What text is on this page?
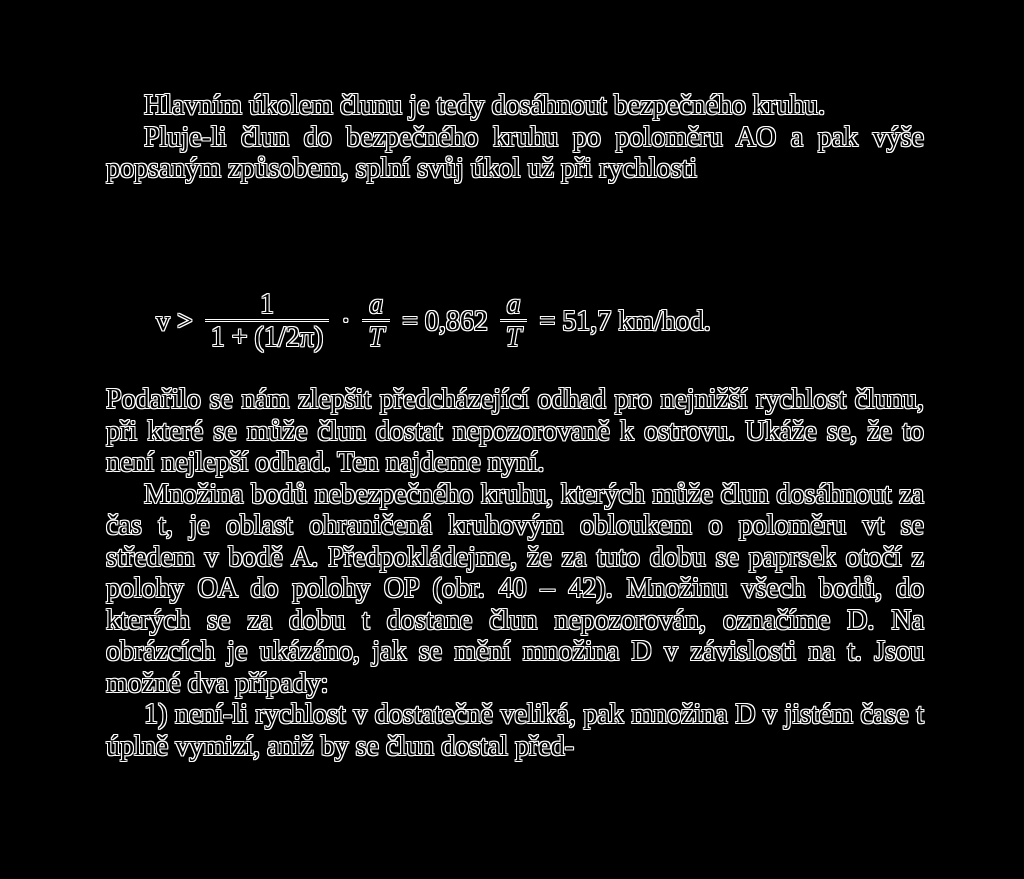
Hlavním úkolem člunu je tedy dosáhnout bezpečného kruhu.

Pluje-li člun do bezpečného kruhu po poloměru AO a pak výše popsaným způsobem, splní svůj úkol už při rychlosti

$v > \frac{1}{1 + (1/2\pi)} \cdot \frac{a}{T} = 0,862 \frac{a}{T} = 51,7$ km/hod.

Podařilo se nám zlepšit předcházející odhad pro nejnižší rychlost člunu, při které se může člun dostat nepozorovaně k ostrovu. Ukáže se, že to není nejlepší odhad. Ten najdeme nyní.

Množina bodů nebezpečného kruhu, kterých může člun dosáhnout za čas t, je oblast ohraničená kruhovým obloukem o poloměru vt se středem v bodě A. Předpokládejme, že za tuto dobu se paprsek otočí z polohy OA do polohy OP (obr. 40 – 42). Množinu všech bodů, do kterých se za dobu t dostane člun nepozorován, označíme D. Na obrázcích je ukázáno, jak se mění množina D v závislosti na t. Jsou možné dva případy:

1) není-li rychlost v dostatečně veliká, pak množina D v jistém čase t úplně vymizí, aniž by se člun dostal před-
